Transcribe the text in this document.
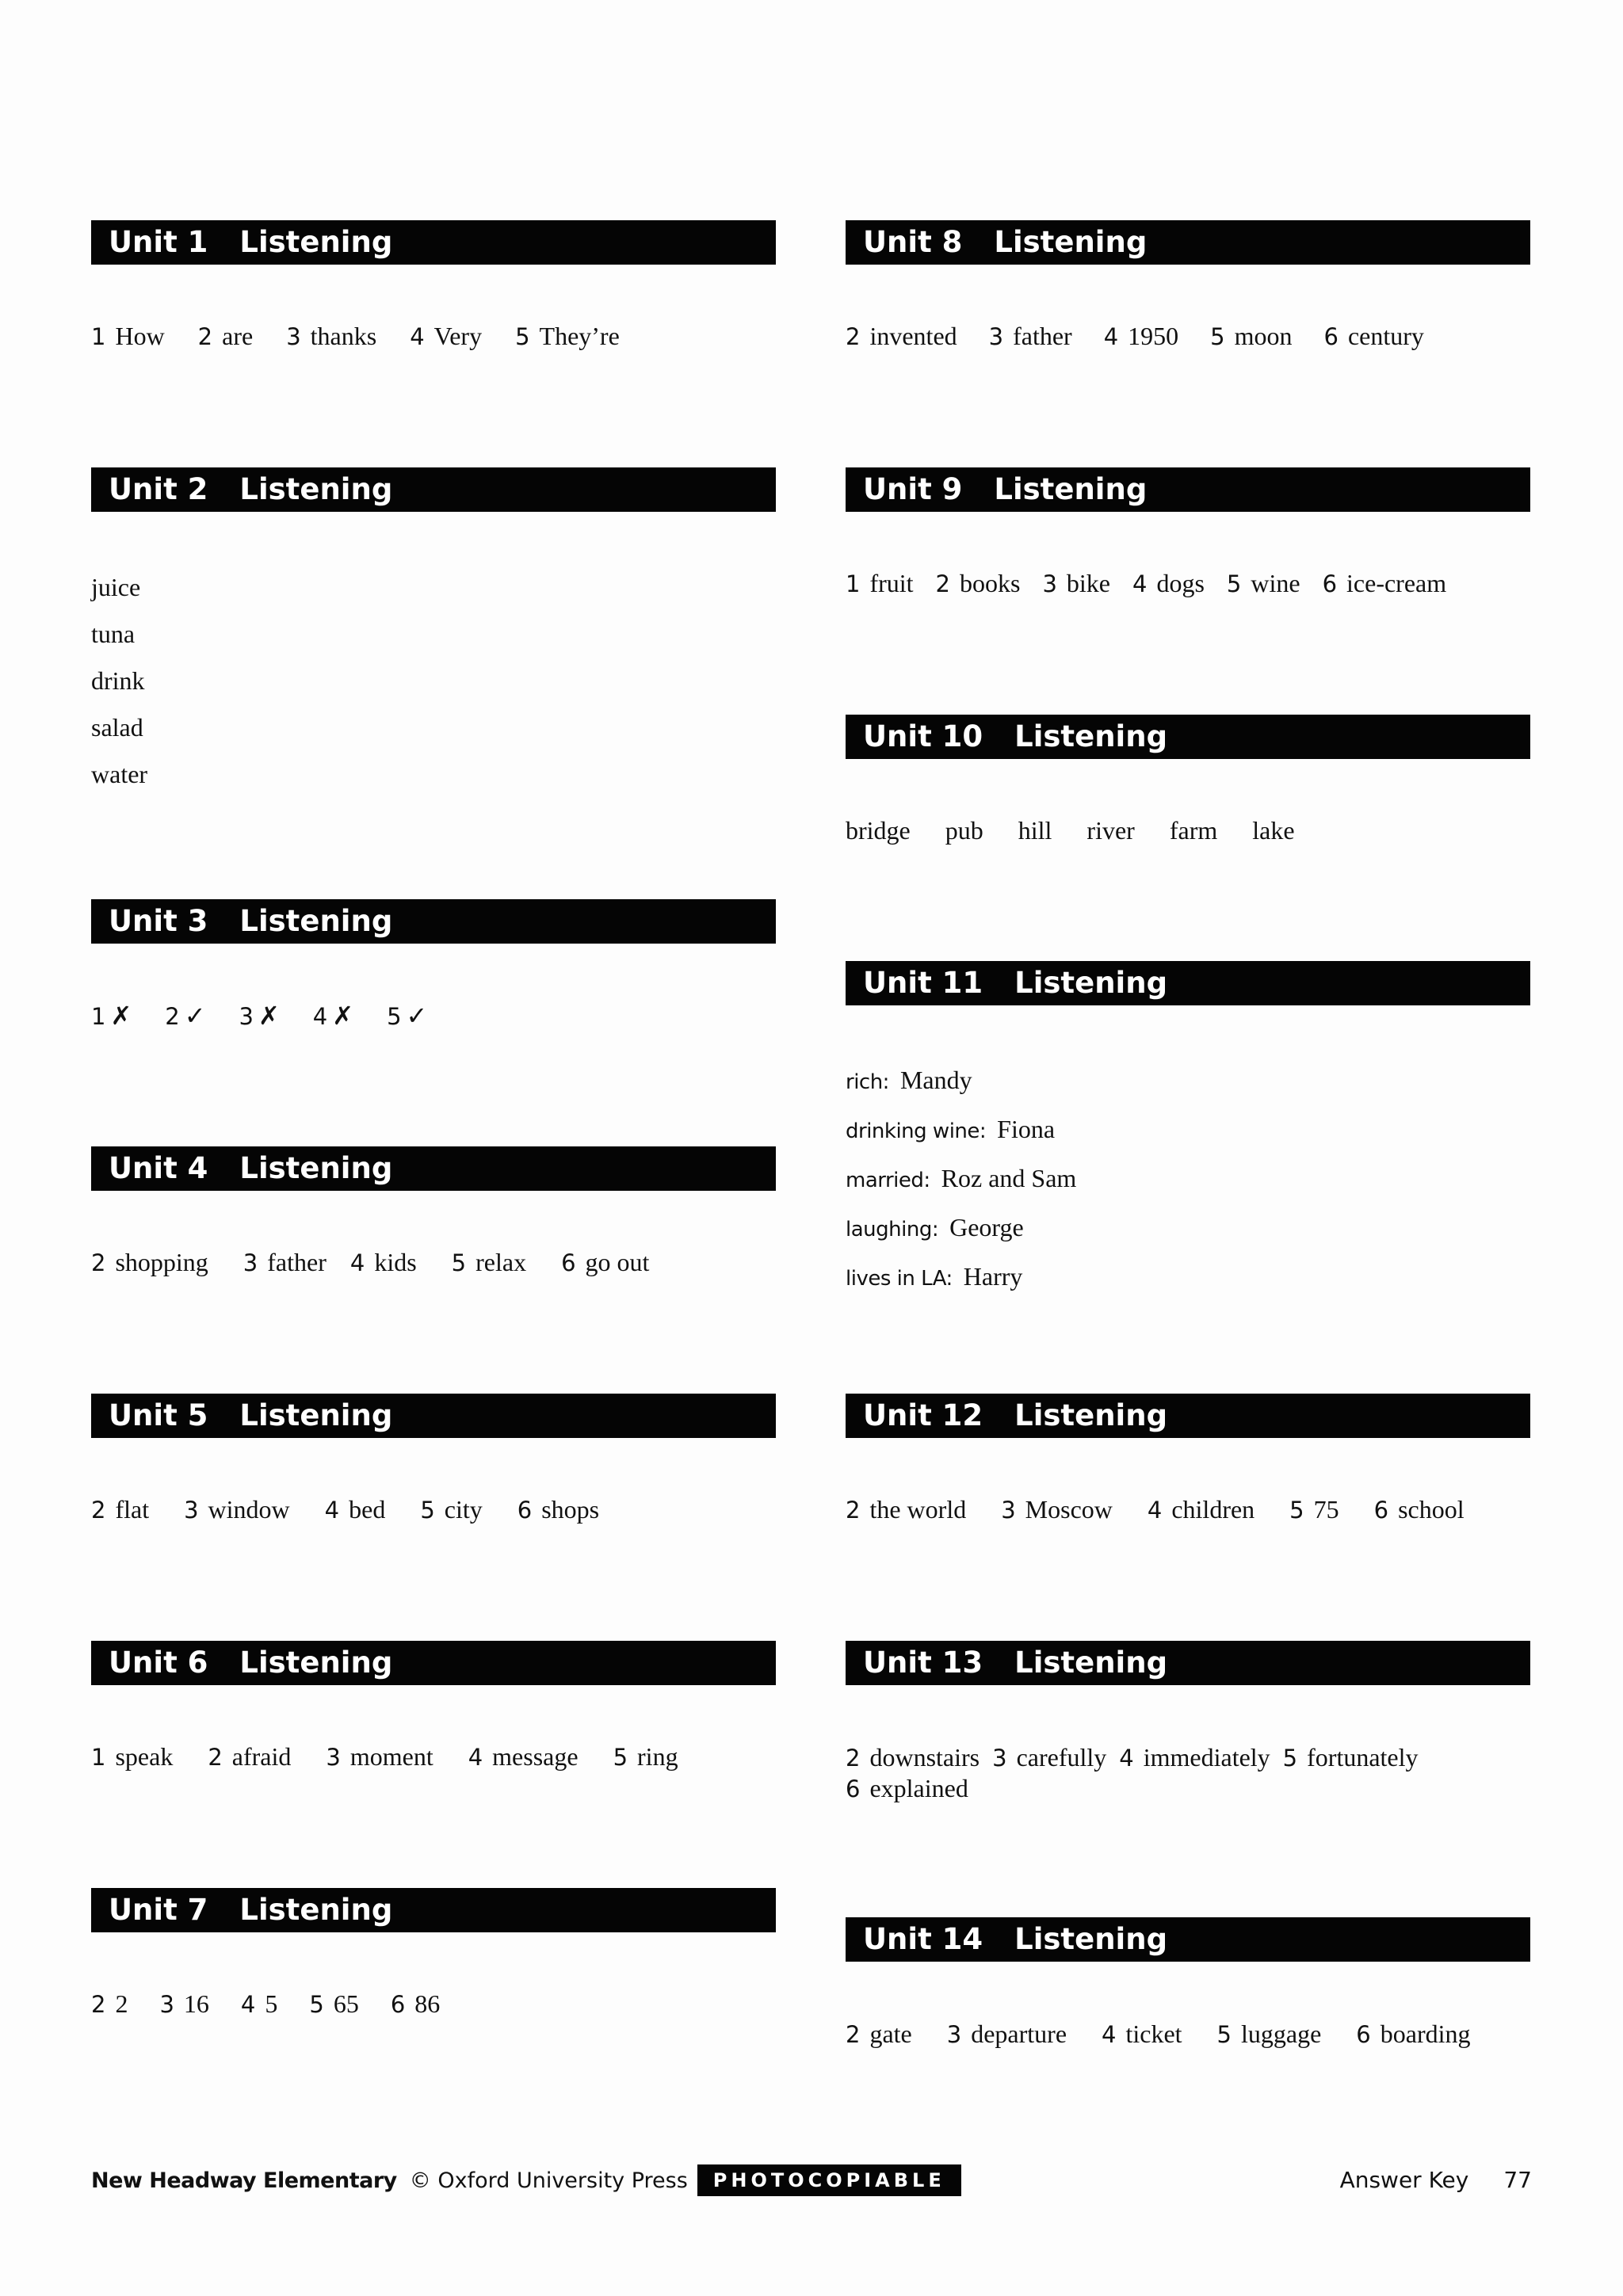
Unit 1 Listening
1 How 2 are 3 thanks 4 Very 5 They’re
Unit 2 Listening
juice
tuna
drink
salad
water
Unit 3 Listening
1 ✗ 2 ✓ 3 ✗ 4 ✗ 5 ✓
Unit 4 Listening
2 shopping 3 father 4 kids 5 relax 6 go out
Unit 5 Listening
2 flat 3 window 4 bed 5 city 6 shops
Unit 6 Listening
1 speak 2 afraid 3 moment 4 message 5 ring
Unit 7 Listening
2 2 3 16 4 5 5 65 6 86
Unit 8 Listening
2 invented 3 father 4 1950 5 moon 6 century
Unit 9 Listening
1 fruit 2 books 3 bike 4 dogs 5 wine 6 ice-cream
Unit 10 Listening
bridge pub hill river farm lake
Unit 11 Listening
rich: Mandy
drinking wine: Fiona
married: Roz and Sam
laughing: George
lives in LA: Harry
Unit 12 Listening
2 the world 3 Moscow 4 children 5 75 6 school
Unit 13 Listening
2 downstairs 3 carefully 4 immediately 5 fortunately
6 explained
Unit 14 Listening
2 gate 3 departure 4 ticket 5 luggage 6 boarding
New Headway Elementary © Oxford University Press	PHOTOCOPIABLE	Answer Key 77
